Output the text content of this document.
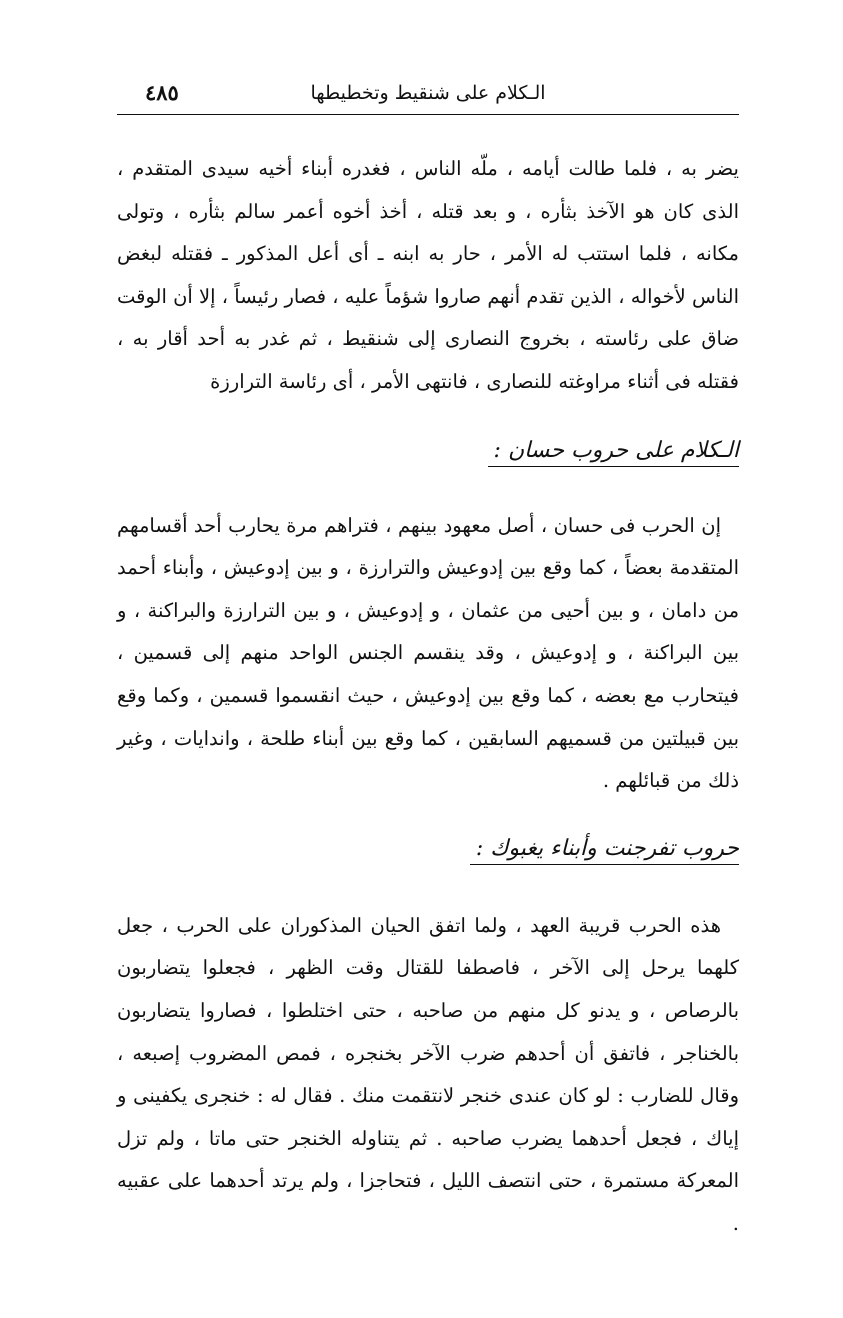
الـكلام على شنقيط وتخطيطها
٤٨٥

يضر به ، فلما طالت أيامه ، ملّه الناس ، فغدره أبناء أخيه سيدى المتقدم ، الذى كان هو الآخذ بثأره ، و بعد قتله ، أخذ أخوه أعمر سالم بثأره ، وتولى مكانه ، فلما استتب له الأمر ، حار به ابنه ـ أى أعل المذكور ـ فقتله لبغض الناس لأخواله ، الذين تقدم أنهم صاروا شؤماً عليه ، فصار رئيساً ، إلا أن الوقت ضاق على رئاسته ، بخروج النصارى إلى شنقيط ، ثم غدر به أحد أقار به ، فقتله فى أثناء مراوغته للنصارى ، فانتهى الأمر ، أى رئاسة الترارزة

الـكلام على حروب حسان :

إن الحرب فى حسان ، أصل معهود بينهم ، فتراهم مرة يحارب أحد أقسامهم المتقدمة بعضاً ، كما وقع بين إدوعيش والترارزة ، و بين إدوعيش ، وأبناء أحمد من دامان ، و بين أحيى من عثمان ، و إدوعيش ، و بين الترارزة والبراكنة ، و بين البراكنة ، و إدوعيش ، وقد ينقسم الجنس الواحد منهم إلى قسمين ، فيتحارب مع بعضه ، كما وقع بين إدوعيش ، حيث انقسموا قسمين ، وكما وقع بين قبيلتين من قسميهم السابقين ، كما وقع بين أبناء طلحة ، واندايات ، وغير ذلك من قبائلهم .

حروب تفرجنت وأبناء يغبوك :

هذه الحرب قريبة العهد ، ولما اتفق الحيان المذكوران على الحرب ، جعل كلهما يرحل إلى الآخر ، فاصطفا للقتال وقت الظهر ، فجعلوا يتضاربون بالرصاص ، و يدنو كل منهم من صاحبه ، حتى اختلطوا ، فصاروا يتضاربون بالخناجر ، فاتفق أن أحدهم ضرب الآخر بخنجره ، فمص المضروب إصبعه ، وقال للضارب : لو كان عندى خنجر لانتقمت منك . فقال له : خنجرى يكفينى و إياك ، فجعل أحدهما يضرب صاحبه . ثم يتناوله الخنجر حتى ماتا ، ولم تزل المعركة مستمرة ، حتى انتصف الليل ، فتحاجزا ، ولم يرتد أحدهما على عقبيه .
